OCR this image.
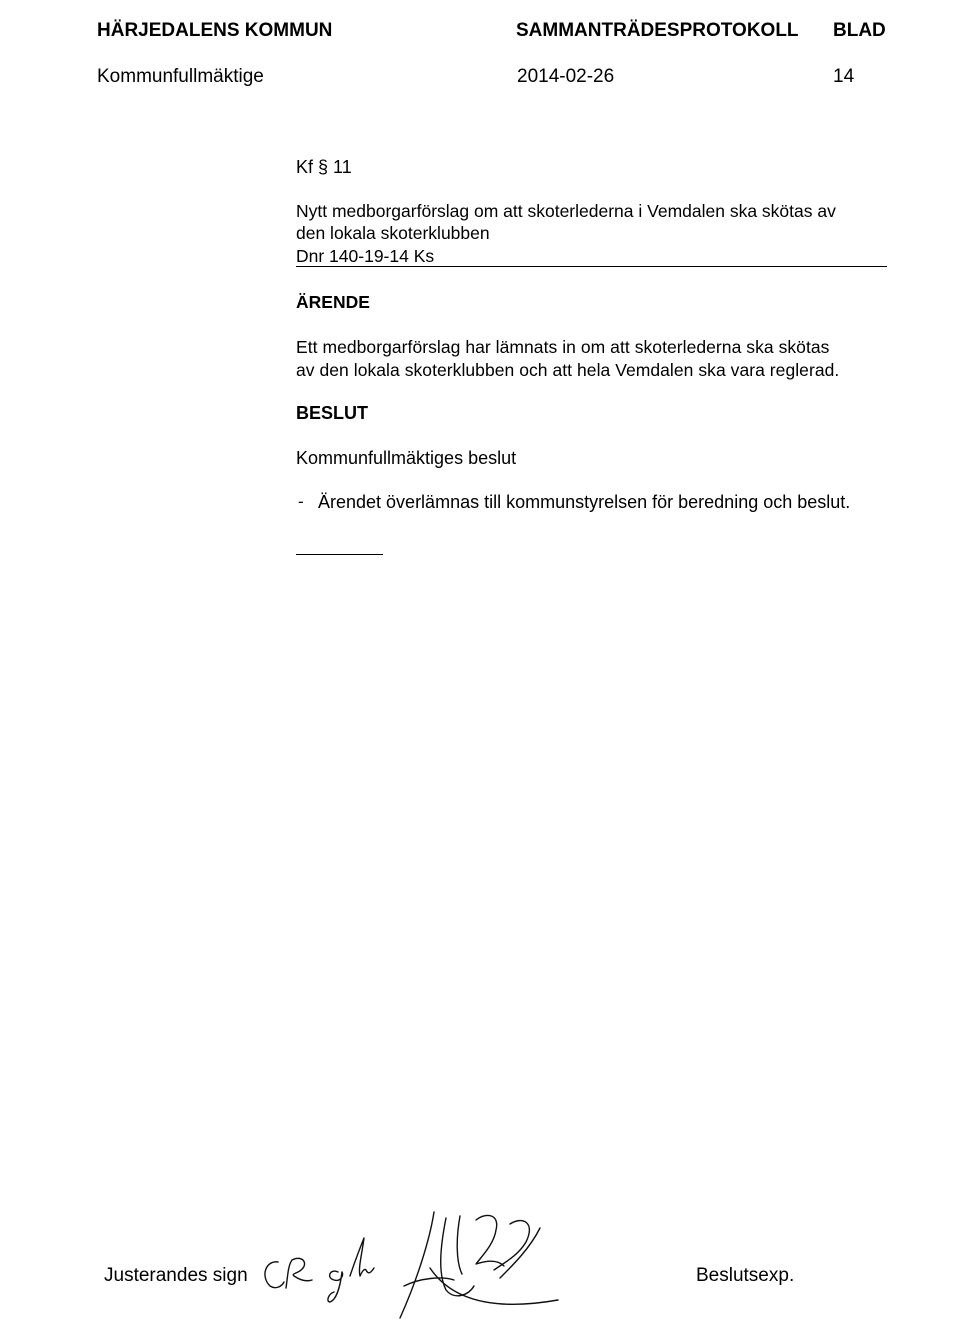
HÄRJEDALENS KOMMUN	SAMMANTRÄDESPROTOKOLL BLAD
Kommunfullmäktige	2014-02-26	14
Kf § 11
Nytt medborgarförslag om att skoterlederna i Vemdalen ska skötas av
den lokala skoterklubben
Dnr 140-19-14 Ks
ÄRENDE
Ett medborgarförslag har lämnats in om att skoterlederna ska skötas
av den lokala skoterklubben och att hela Vemdalen ska vara reglerad.
BESLUT
Kommunfullmäktiges beslut
- Ärendet överlämnas till kommunstyrelsen för beredning och beslut.
Justerandes sign	Beslutsexp.
